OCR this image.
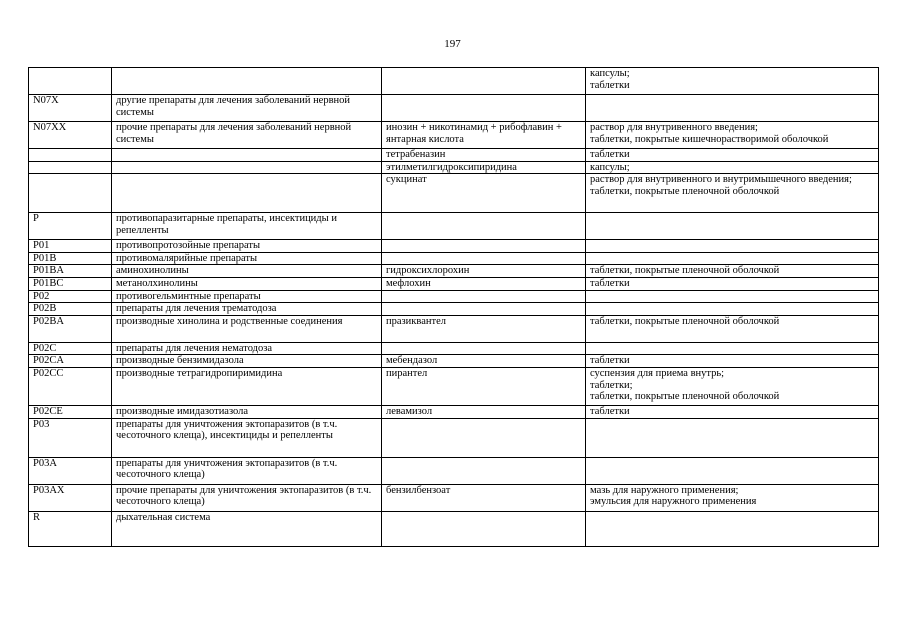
197
			капсулы;
таблетки
N07X	другие препараты для лечения заболеваний нервной системы		
N07XX	прочие препараты для лечения заболеваний нервной системы	инозин + никотинамид + рибофлавин + янтарная кислота	раствор для внутривенного введения;
таблетки, покрытые кишечнорастворимой оболочкой
		тетрабеназин	таблетки
		этилметилгидроксипиридина	капсулы;
		сукцинат	раствор для внутривенного и внутримышечного введения;
таблетки, покрытые пленочной оболочкой
P	противопаразитарные препараты, инсектициды и репелленты		
P01	противопротозойные препараты		
P01B	противомалярийные препараты		
P01BA	аминохинолины	гидроксихлорохин	таблетки, покрытые пленочной оболочкой
P01BC	метанолхинолины	мефлохин	таблетки
P02	противогельминтные препараты		
P02B	препараты для лечения трематодоза		
P02BA	производные хинолина и родственные соединения	празиквантел	таблетки, покрытые пленочной оболочкой
P02C	препараты для лечения нематодоза		
P02CA	производные бензимидазола	мебендазол	таблетки
P02CC	производные тетрагидропиримидина	пирантел	суспензия для приема внутрь;
таблетки;
таблетки, покрытые пленочной оболочкой
P02CE	производные имидазотиазола	левамизол	таблетки
P03	препараты для уничтожения эктопаразитов (в т.ч. чесоточного клеща), инсектициды и репелленты		
P03A	препараты для уничтожения эктопаразитов (в т.ч. чесоточного клеща)		
P03AX	прочие препараты для уничтожения эктопаразитов (в т.ч. чесоточного клеща)	бензилбензоат	мазь для наружного применения;
эмульсия для наружного применения
R	дыхательная система		
